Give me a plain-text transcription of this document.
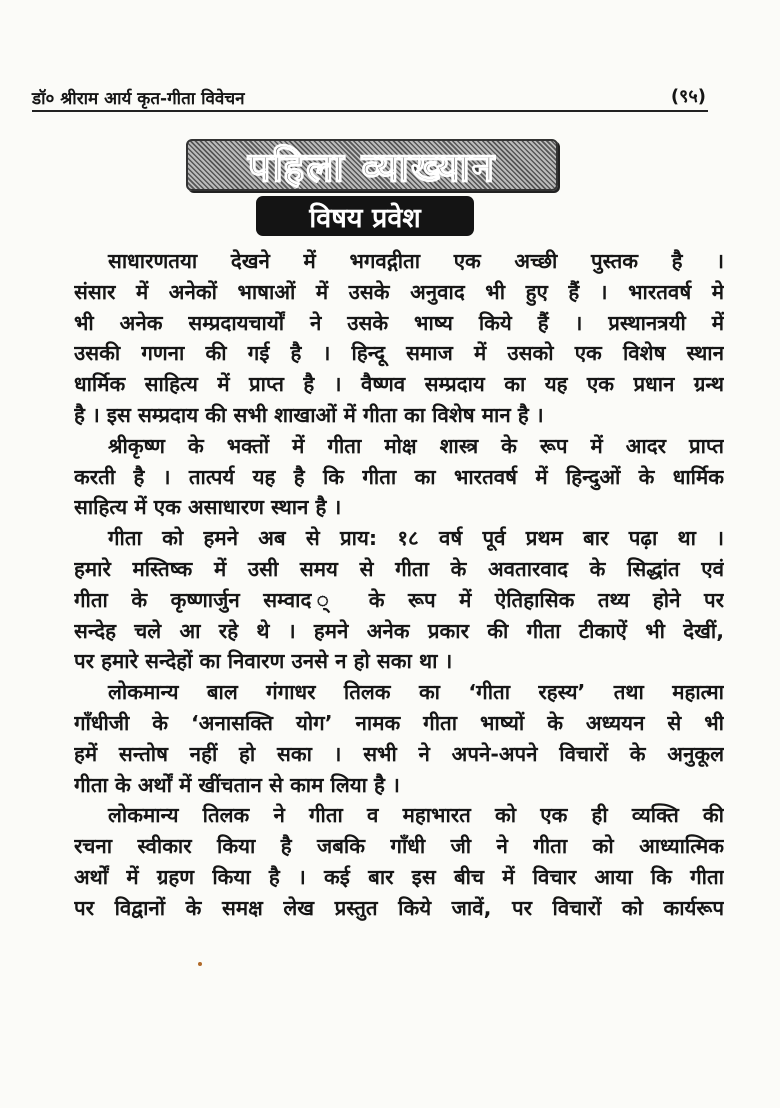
डॉ० श्रीराम आर्य कृत-गीता विवेचन	(९५)
पहिला व्याख्यान
विषय प्रवेश
साधारणतया देखने में भगवद्गीता एक अच्छी पुस्तक है ।
संसार में अनेकों भाषाओं में उसके अनुवाद भी हुए हैं । भारतवर्ष मे
भी अनेक सम्प्रदायचार्यों ने उसके भाष्य किये हैं । प्रस्थानत्रयी में
उसकी गणना की गई है । हिन्दू समाज में उसको एक विशेष स्थान
धार्मिक साहित्य में प्राप्त है । वैष्णव सम्प्रदाय का यह एक प्रधान ग्रन्थ
है । इस सम्प्रदाय की सभी शाखाओं में गीता का विशेष मान है ।
श्रीकृष्ण के भक्तों में गीता मोक्ष शास्त्र के रूप में आदर प्राप्त
करती है । तात्पर्य यह है कि गीता का भारतवर्ष में हिन्दुओं के धार्मिक
साहित्य में एक असाधारण स्थान है ।
गीता को हमने अब से प्राय: १८ वर्ष पूर्व प्रथम बार पढ़ा था ।
हमारे मस्तिष्क में उसी समय से गीता के अवतारवाद के सिद्धांत एवं
गीता के कृष्णार्जुन सम्वाद ् के रूप में ऐतिहासिक तथ्य होने पर
सन्देह चले आ रहे थे । हमने अनेक प्रकार की गीता टीकाऐं भी देखीं,
पर हमारे सन्देहों का निवारण उनसे न हो सका था ।
लोकमान्य बाल गंगाधर तिलक का ‘गीता रहस्य’ तथा महात्मा
गाँधीजी के ‘अनासक्ति योग’ नामक गीता भाष्यों के अध्ययन से भी
हमें सन्तोष नहीं हो सका । सभी ने अपने-अपने विचारों के अनुकूल
गीता के अर्थों में खींचतान से काम लिया है ।
लोकमान्य तिलक ने गीता व महाभारत को एक ही व्यक्ति की
रचना स्वीकार किया है जबकि गाँधी जी ने गीता को आध्यात्मिक
अर्थों में ग्रहण किया है । कई बार इस बीच में विचार आया कि गीता
पर विद्वानों के समक्ष लेख प्रस्तुत किये जावें, पर विचारों को कार्यरूप
